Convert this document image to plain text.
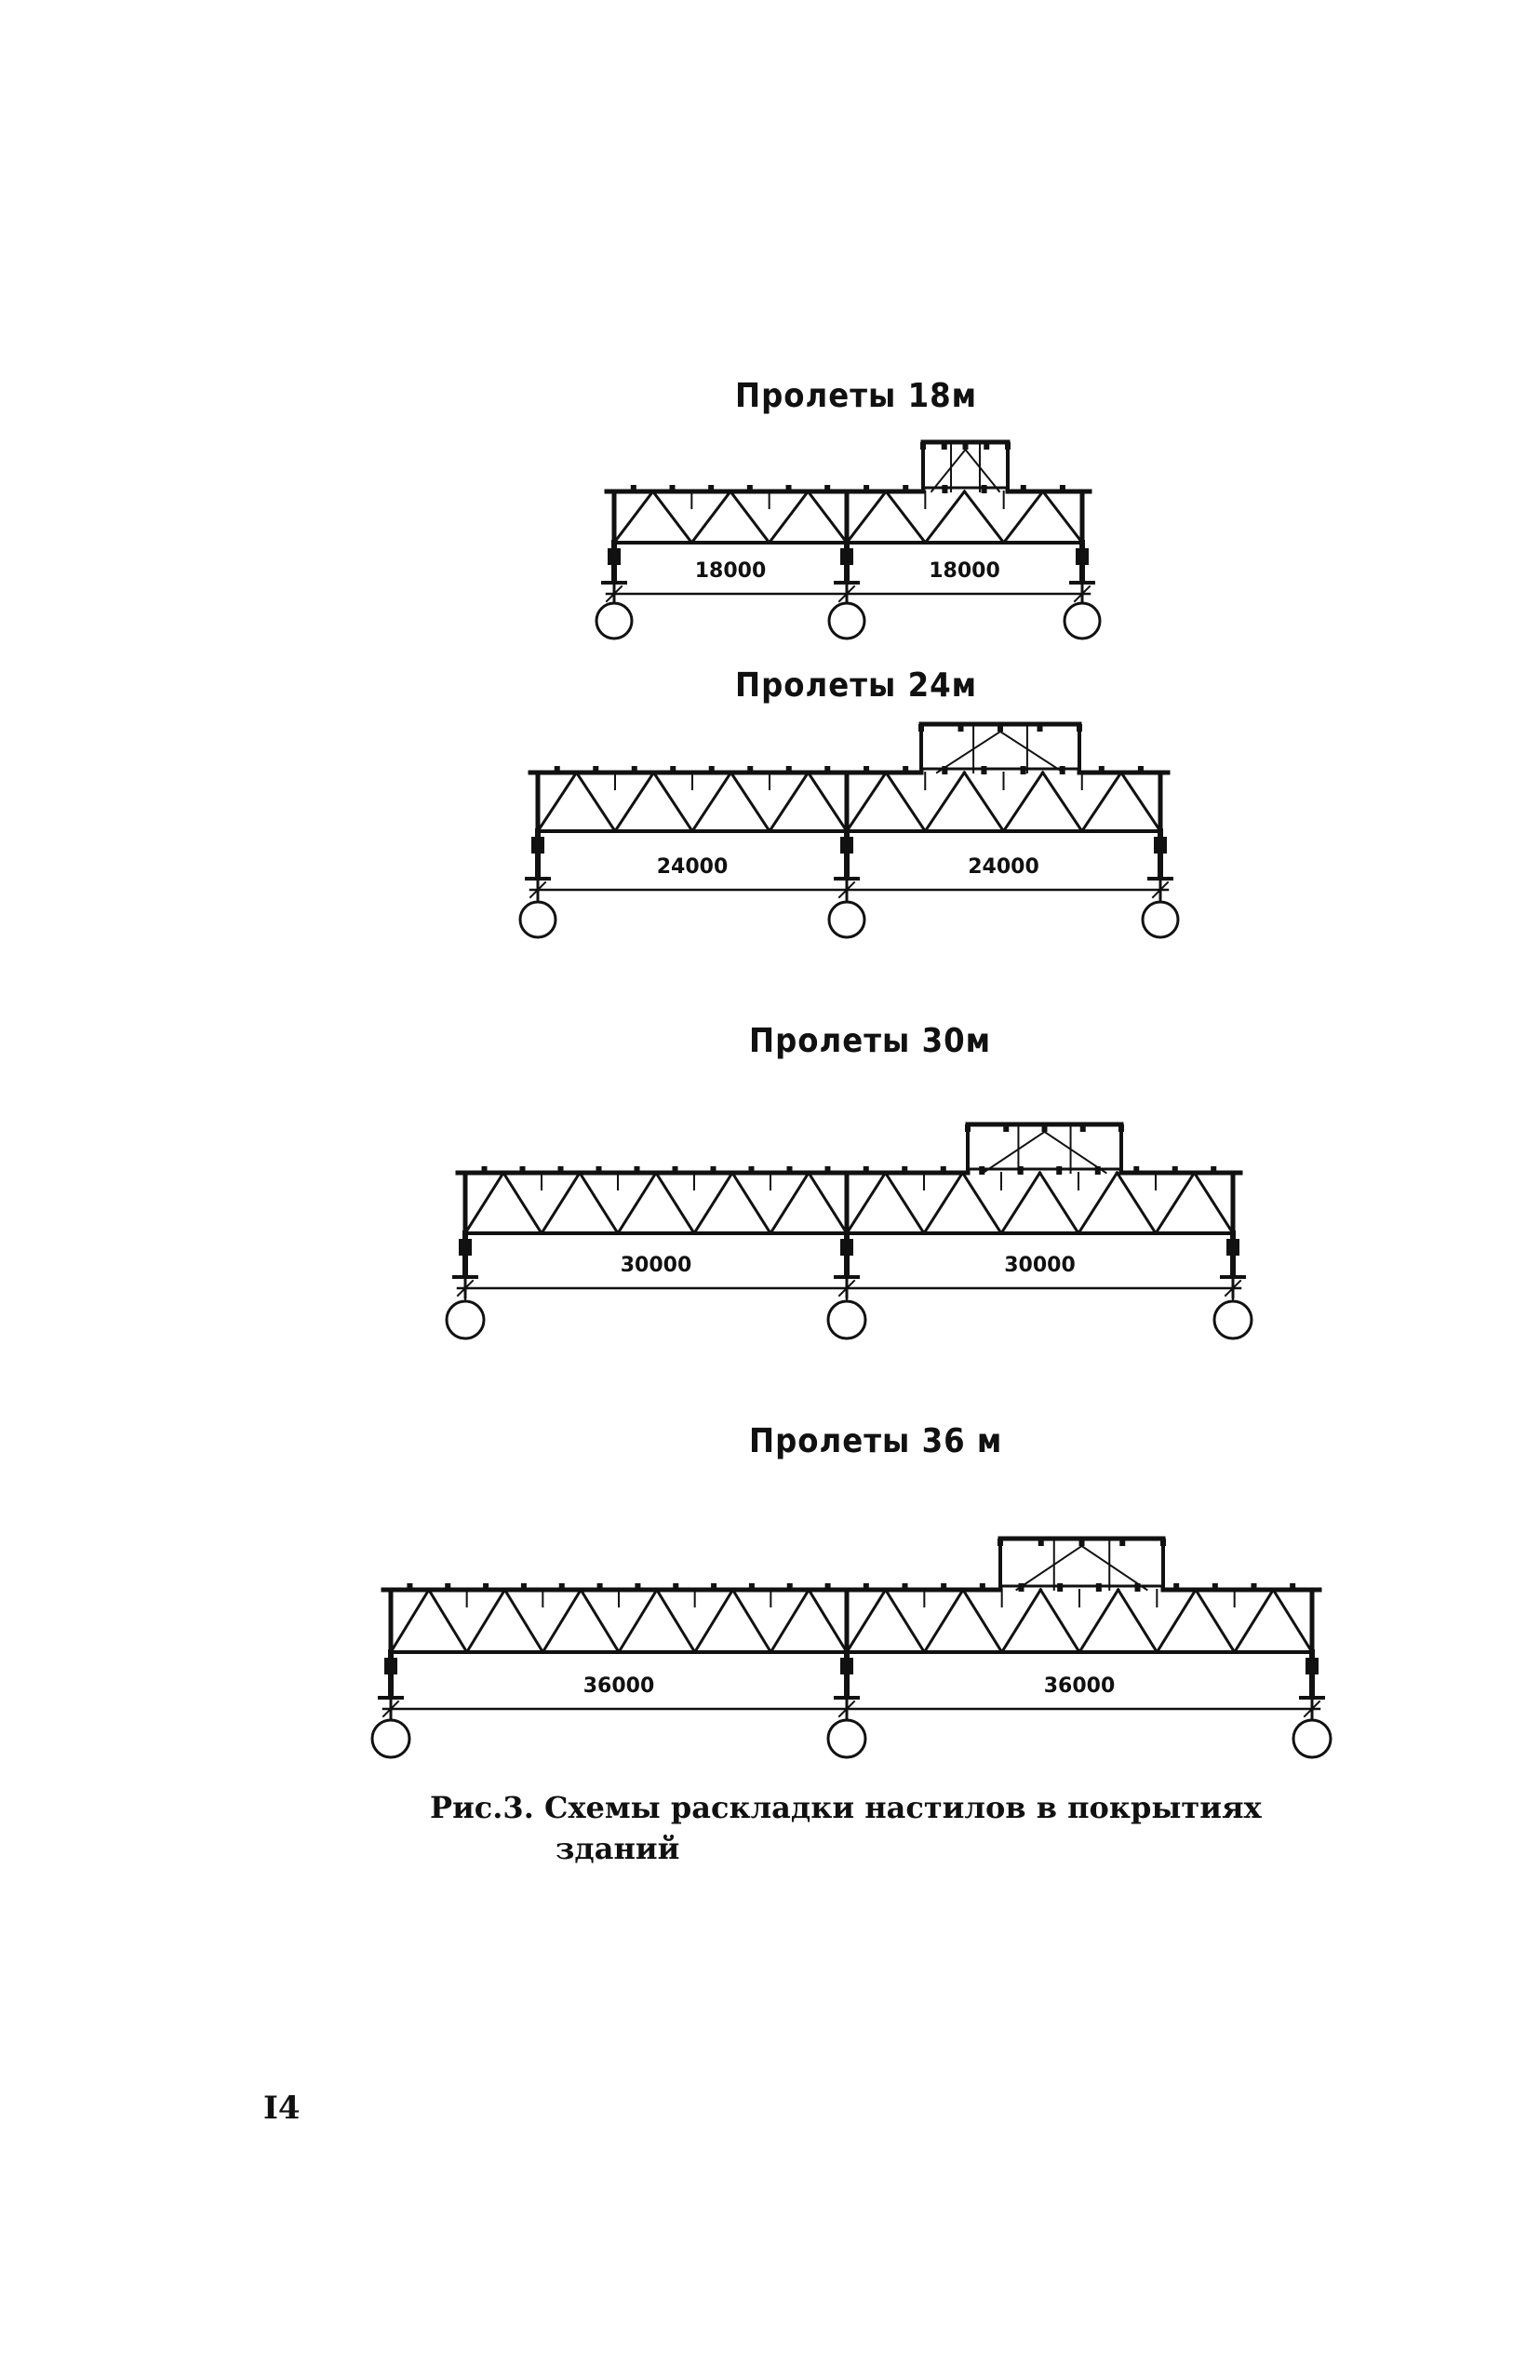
Пролеты 18м
Пролеты 24м
Пролеты 30м
Пролеты 36 м
18000	18000
24000	24000
30000	30000
36000	36000
Рис.3. Схемы раскладки настилов в покрытиях
зданий
I4
